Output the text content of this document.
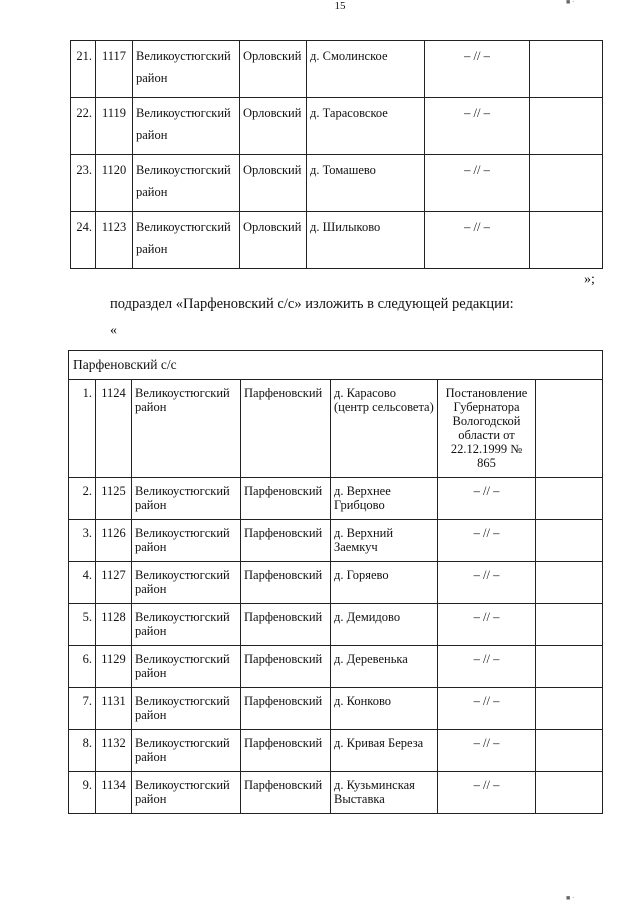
15	■ ·
21.	1117	Великоустюгский район	Орловский	д. Смолинское	– // –	
22.	1119	Великоустюгский район	Орловский	д. Тарасовское	– // –	
23.	1120	Великоустюгский район	Орловский	д. Томашево	– // –	
24.	1123	Великоустюгский район	Орловский	д. Шилыково	– // –	
»;
подраздел «Парфеновский с/с» изложить в следующей редакции:
«
Парфеновский с/с						
1.	1124	Великоустюгский район	Парфеновский	д. Карасово (центр сельсовета)	Постановление Губернатора Вологодской области от 22.12.1999 № 865	
2.	1125	Великоустюгский район	Парфеновский	д. Верхнее Грибцово	– // –	
3.	1126	Великоустюгский район	Парфеновский	д. Верхний Заемкуч	– // –	
4.	1127	Великоустюгский район	Парфеновский	д. Горяево	– // –	
5.	1128	Великоустюгский район	Парфеновский	д. Демидово	– // –	
6.	1129	Великоустюгский район	Парфеновский	д. Деревенька	– // –	
7.	1131	Великоустюгский район	Парфеновский	д. Конково	– // –	
8.	1132	Великоустюгский район	Парфеновский	д. Кривая Береза	– // –	
9.	1134	Великоустюгский район	Парфеновский	д. Кузьминская Выставка	– // –	
■ ·
